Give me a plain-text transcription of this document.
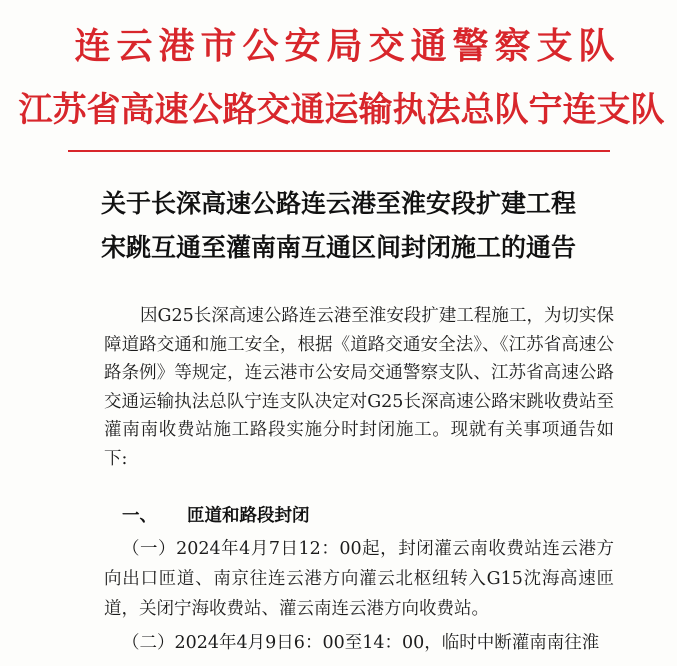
连云港市公安局交通警察支队
江苏省高速公路交通运输执法总队宁连支队
关于长深高速公路连云港至淮安段扩建工程
宋跳互通至灌南南互通区间封闭施工的通告

因G25长深高速公路连云港至淮安段扩建工程施工，为切实保障道路交通和施工安全，根据《道路交通安全法》、《江苏省高速公路条例》等规定，连云港市公安局交通警察支队、江苏省高速公路交通运输执法总队宁连支队决定对G25长深高速公路宋跳收费站至灌南南收费站施工路段实施分时封闭施工。现就有关事项通告如下:

一、 匝道和路段封闭

（一）2024年4月7日12：00起，封闭灌云南收费站连云港方向出口匝道、南京往连云港方向灌云北枢纽转入G15沈海高速匝道，关闭宁海收费站、灌云南连云港方向收费站。

（二）2024年4月9日6：00至14：00，临时中断灌南南往淮
